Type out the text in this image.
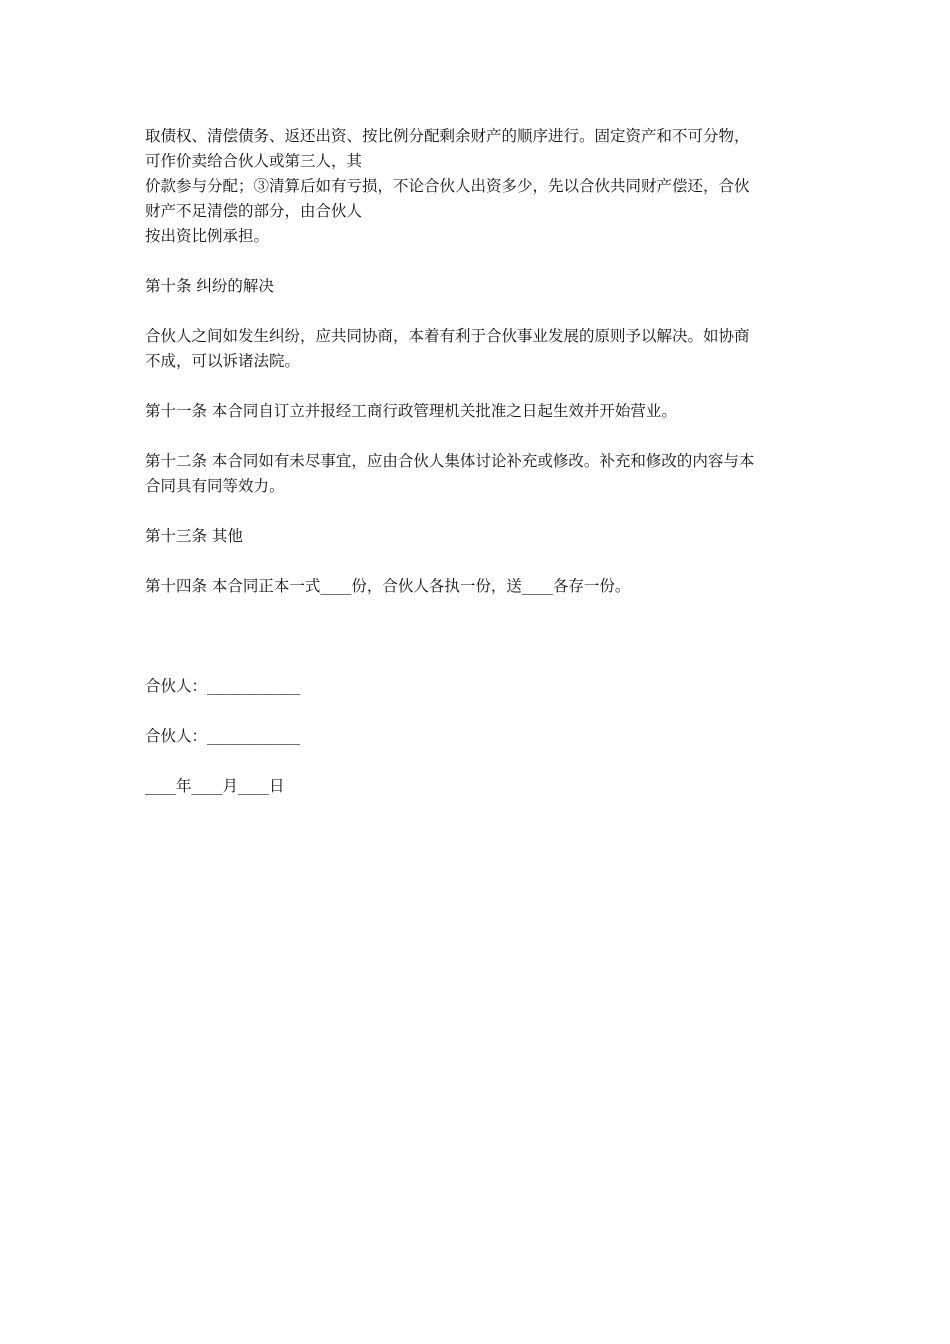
取债权、清偿债务、返还出资、按比例分配剩余财产的顺序进行。固定资产和不可分物，
可作价卖给合伙人或第三人，其
价款参与分配；③清算后如有亏损，不论合伙人出资多少，先以合伙共同财产偿还，合伙
财产不足清偿的部分，由合伙人
按出资比例承担。
第十条 纠纷的解决
合伙人之间如发生纠纷，应共同协商，本着有利于合伙事业发展的原则予以解决。如协商
不成，可以诉诸法院。
第十一条 本合同自订立并报经工商行政管理机关批准之日起生效并开始营业。
第十二条 本合同如有未尽事宜，应由合伙人集体讨论补充或修改。补充和修改的内容与本
合同具有同等效力。
第十三条 其他
第十四条 本合同正本一式____份，合伙人各执一份，送____各存一份。
合伙人：____________
合伙人：____________
____年____月____日
